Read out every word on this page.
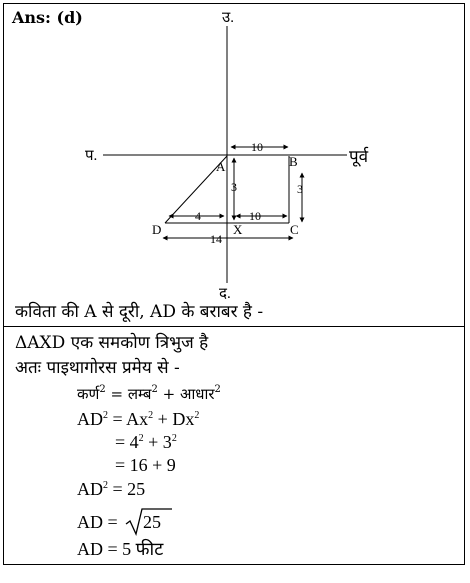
Ans: (d)	उ.
द.
प.	पूर्व
A	B
C
D	X
10
3	3
10
4
14
कविता की A से दूरी, AD के बराबर है -
ΔAXD एक समकोण त्रिभुज है
अतः पाइथागोरस प्रमेय से -
कर्ण$^2$ = लम्ब$^2$ + आधार$^2$
$AD^2 = Ax^2 + Dx^2$
= $4^2 + 3^2$
= 16 + 9
$AD^2 = 25$
AD = 25
AD = 5 फीट
